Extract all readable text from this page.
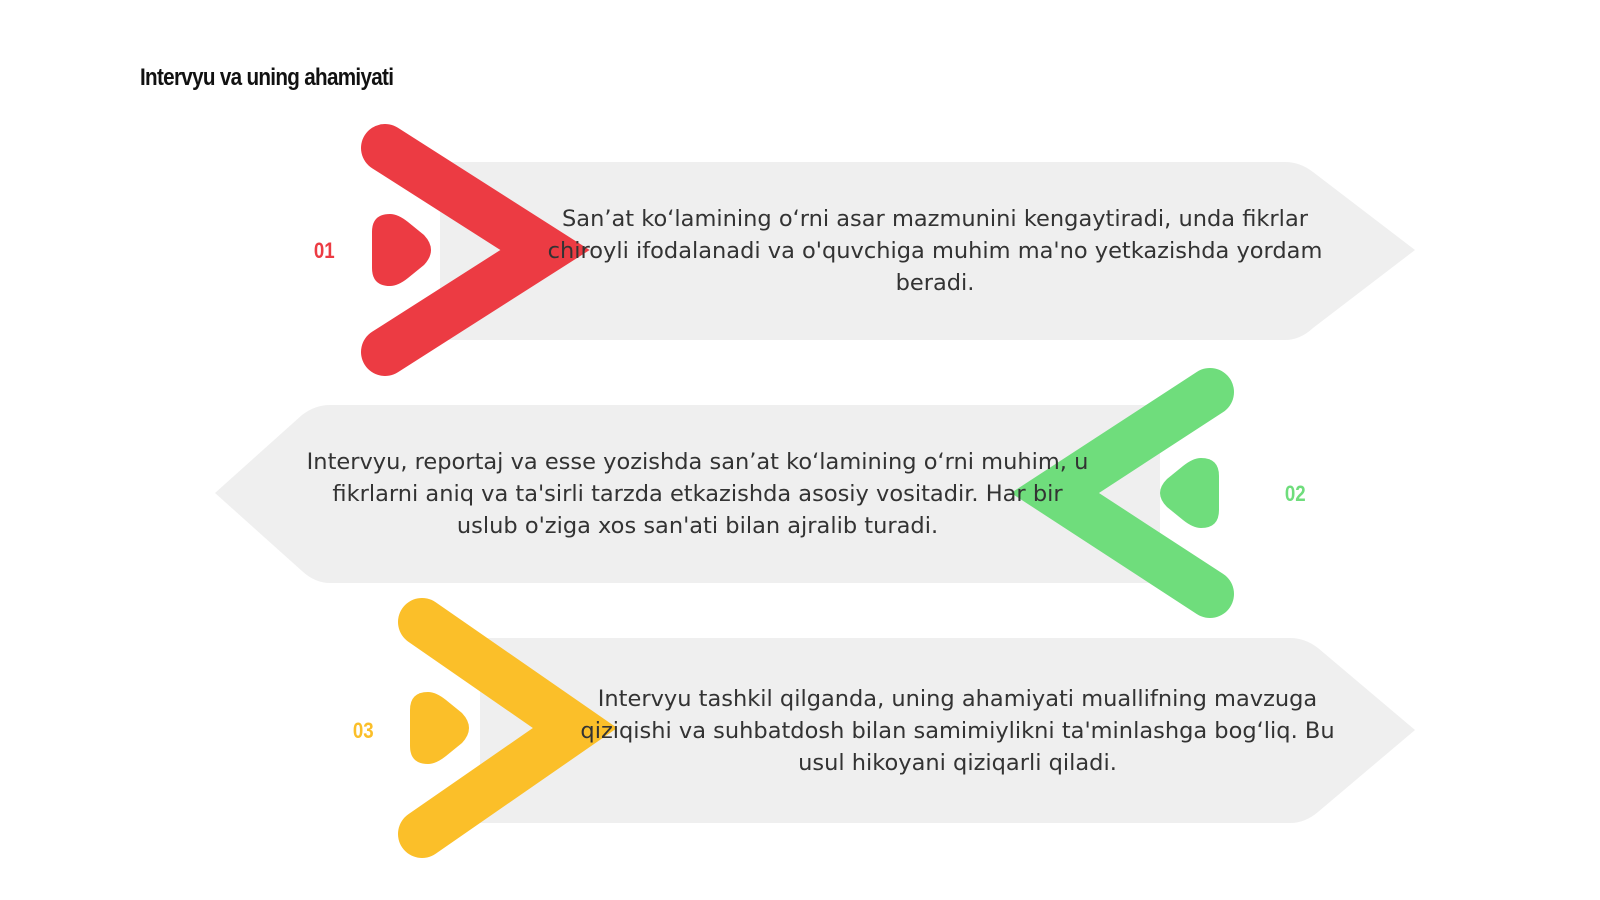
Intervyu va uning ahamiyati
01
02
03

San’at ko‘lamining o‘rni asar mazmunini kengaytiradi, unda fikrlar chiroyli ifodalanadi va o'quvchiga muhim ma'no yetkazishda yordam beradi.

Intervyu, reportaj va esse yozishda san’at ko‘lamining o‘rni muhim, u fikrlarni aniq va ta'sirli tarzda etkazishda asosiy vositadir. Har bir uslub o'ziga xos san'ati bilan ajralib turadi.

Intervyu tashkil qilganda, uning ahamiyati muallifning mavzuga qiziqishi va suhbatdosh bilan samimiylikni ta'minlashga bog‘liq. Bu usul hikoyani qiziqarli qiladi.
